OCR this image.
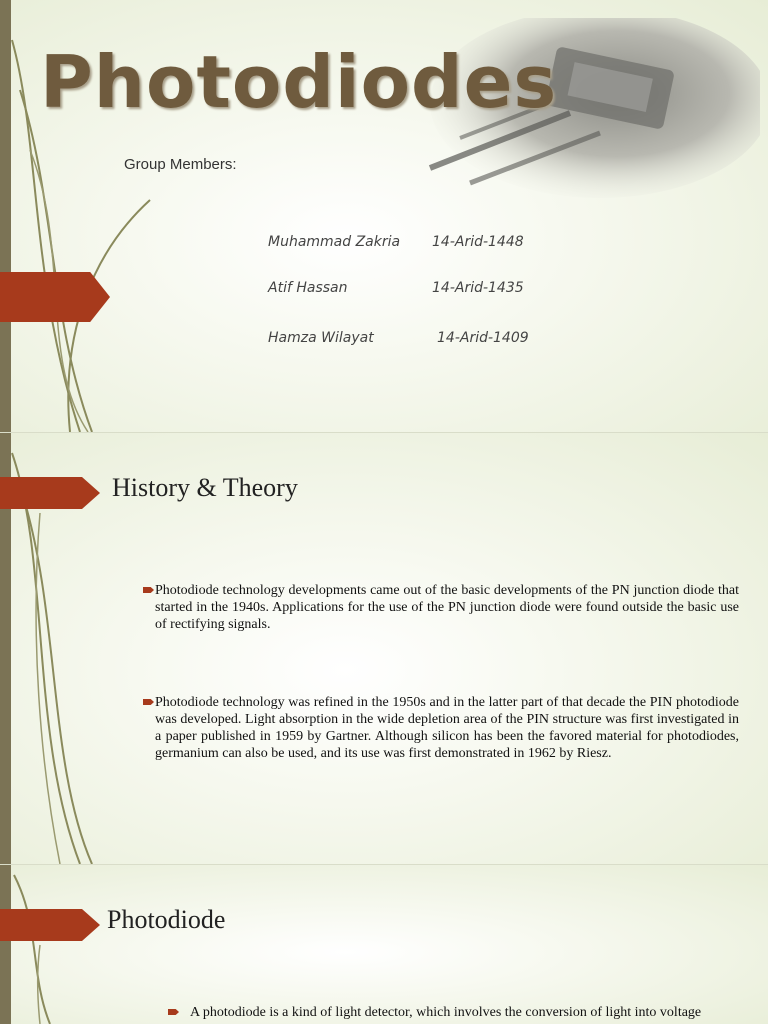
Photodiodes
Group Members:
Muhammad Zakria 14-Arid-1448
Atif Hassan	14-Arid-1435
Hamza Wilayat	14-Arid-1409
History & Theory

Photodiode technology developments came out of the basic developments of the PN junction diode that started in the 1940s. Applications for the use of the PN junction diode were found outside the basic use of rectifying signals.

Photodiode technology was refined in the 1950s and in the latter part of that decade the PIN photodiode was developed. Light absorption in the wide depletion area of the PIN structure was first investigated in a paper published in 1959 by Gartner. Although silicon has been the favored material for photodiodes, germanium can also be used, and its use was first demonstrated in 1962 by Riesz.

Photodiode

A photodiode is a kind of light detector, which involves the conversion of light into voltage
